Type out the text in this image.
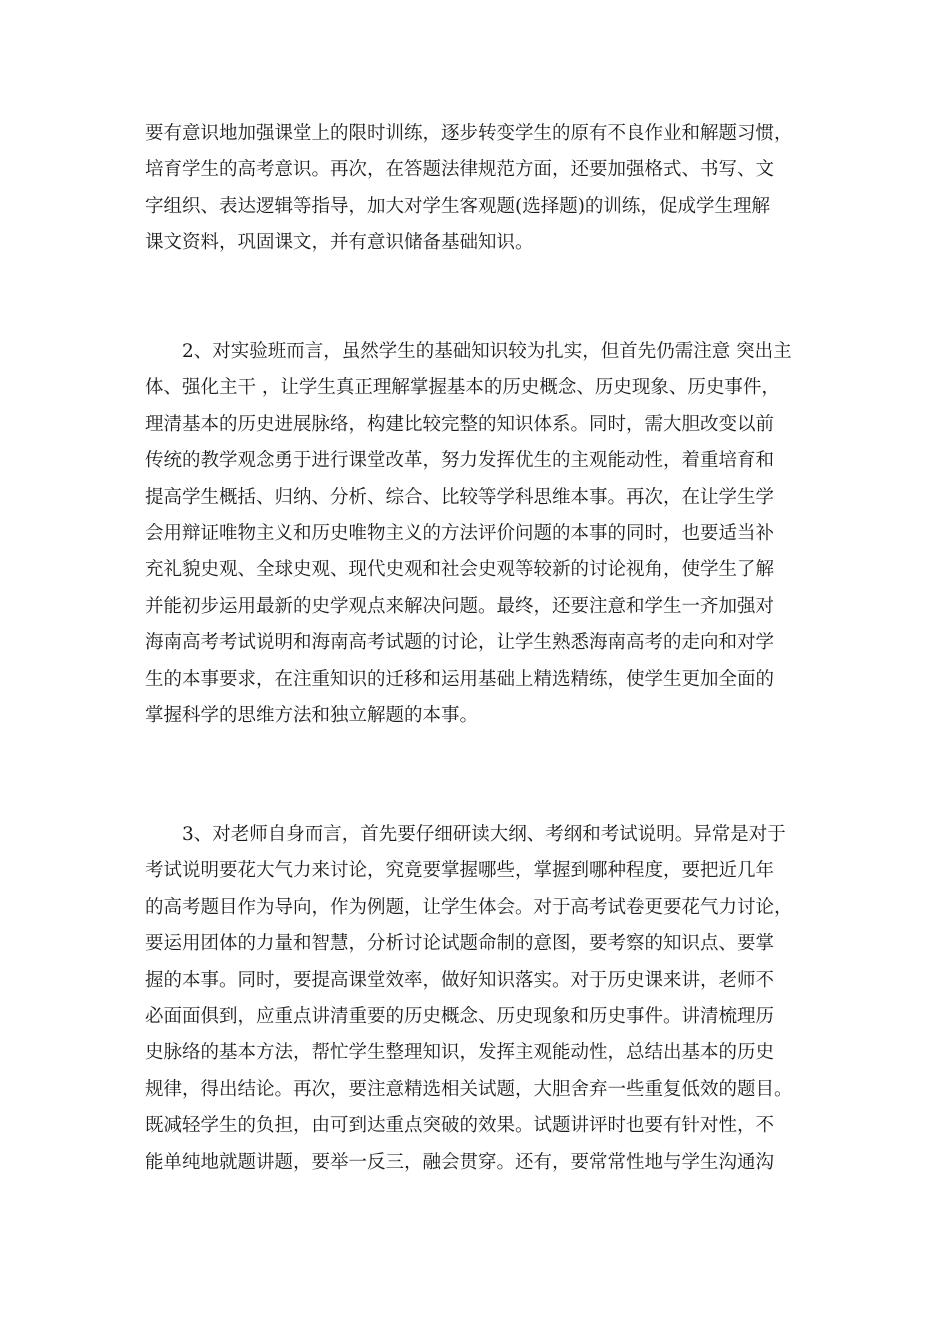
要有意识地加强课堂上的限时训练，逐步转变学生的原有不良作业和解题习惯，
培育学生的高考意识。再次，在答题法律规范方面，还要加强格式、书写、文
字组织、表达逻辑等指导，加大对学生客观题(选择题)的训练，促成学生理解
课文资料，巩固课文，并有意识储备基础知识。
　　2、对实验班而言，虽然学生的基础知识较为扎实，但首先仍需注意 突出主
体、强化主干 ，让学生真正理解掌握基本的历史概念、历史现象、历史事件，
理清基本的历史进展脉络，构建比较完整的知识体系。同时，需大胆改变以前
传统的教学观念勇于进行课堂改革，努力发挥优生的主观能动性，着重培育和
提高学生概括、归纳、分析、综合、比较等学科思维本事。再次，在让学生学
会用辩证唯物主义和历史唯物主义的方法评价问题的本事的同时，也要适当补
充礼貌史观、全球史观、现代史观和社会史观等较新的讨论视角，使学生了解
并能初步运用最新的史学观点来解决问题。最终，还要注意和学生一齐加强对
海南高考考试说明和海南高考试题的讨论，让学生熟悉海南高考的走向和对学
生的本事要求，在注重知识的迁移和运用基础上精选精练，使学生更加全面的
掌握科学的思维方法和独立解题的本事。
　　3、对老师自身而言，首先要仔细研读大纲、考纲和考试说明。异常是对于
考试说明要花大气力来讨论，究竟要掌握哪些，掌握到哪种程度，要把近几年
的高考题目作为导向，作为例题，让学生体会。对于高考试卷更要花气力讨论，
要运用团体的力量和智慧，分析讨论试题命制的意图，要考察的知识点、要掌
握的本事。同时，要提高课堂效率，做好知识落实。对于历史课来讲，老师不
必面面俱到，应重点讲清重要的历史概念、历史现象和历史事件。讲清梳理历
史脉络的基本方法，帮忙学生整理知识，发挥主观能动性，总结出基本的历史
规律，得出结论。再次，要注意精选相关试题，大胆舍弃一些重复低效的题目。
既减轻学生的负担，由可到达重点突破的效果。试题讲评时也要有针对性，不
能单纯地就题讲题，要举一反三，融会贯穿。还有，要常常性地与学生沟通沟
